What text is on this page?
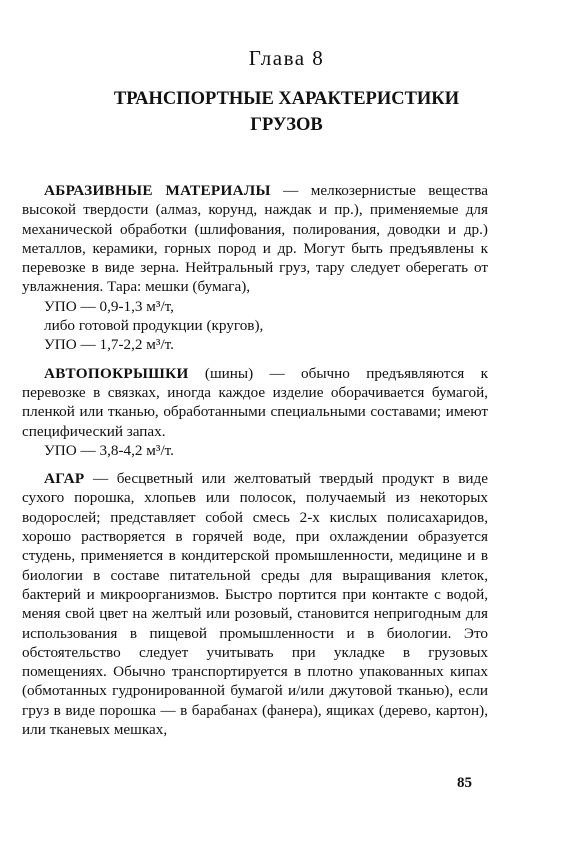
Глава 8
ТРАНСПОРТНЫЕ ХАРАКТЕРИСТИКИ
ГРУЗОВ

АБРАЗИВНЫЕ МАТЕРИАЛЫ — мелкозернистые вещества высокой твердости (алмаз, корунд, наждак и пр.), применяемые для механической обработки (шлифования, полирования, доводки и др.) металлов, керамики, горных пород и др. Могут быть предъявлены к перевозке в виде зерна. Нейтральный груз, тару следует оберегать от увлажнения. Тара: мешки (бумага),

УПО — 0,9-1,3 м³/т,

либо готовой продукции (кругов),

УПО — 1,7-2,2 м³/т.

АВТОПОКРЫШКИ (шины) — обычно предъявляются к перевозке в связках, иногда каждое изделие оборачивается бумагой, пленкой или тканью, обработанными специальными составами; имеют специфический запах.

УПО — 3,8-4,2 м³/т.

АГАР — бесцветный или желтоватый твердый продукт в виде сухого порошка, хлопьев или полосок, получаемый из некоторых водорослей; представляет собой смесь 2-х кислых полисахаридов, хорошо растворяется в горячей воде, при охлаждении образуется студень, применяется в кондитерской промышленности, медицине и в биологии в составе питательной среды для выращивания клеток, бактерий и микроорганизмов. Быстро портится при контакте с водой, меняя свой цвет на желтый или розовый, становится непригодным для использования в пищевой промышленности и в биологии. Это обстоятельство следует учитывать при укладке в грузовых помещениях. Обычно транспортируется в плотно упакованных кипах (обмотанных гудронированной бумагой и/или джутовой тканью), если груз в виде порошка — в барабанах (фанера), ящиках (дерево, картон), или тканевых мешках,

85
